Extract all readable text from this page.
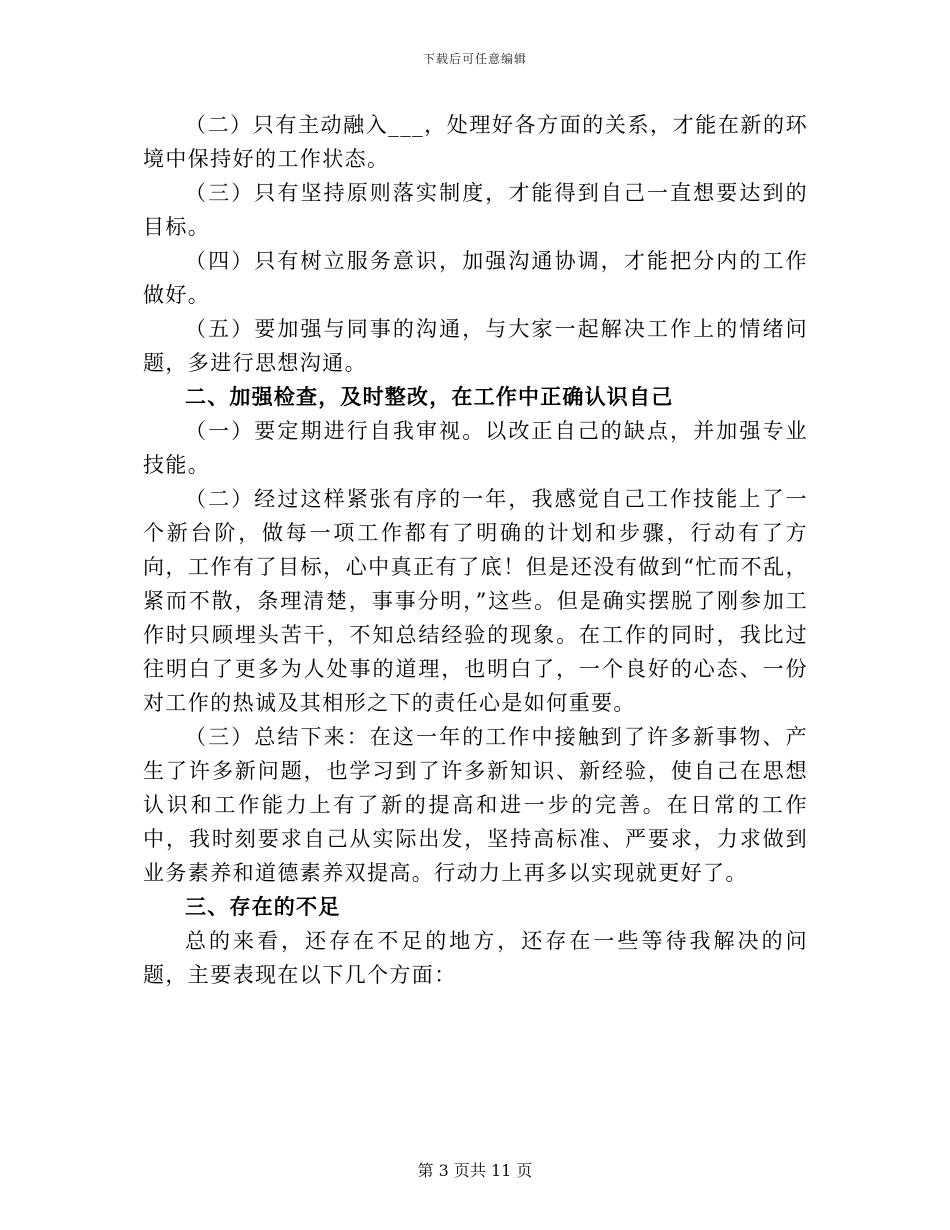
下载后可任意编辑

（二）只有主动融入___，处理好各方面的关系，才能在新的环境中保持好的工作状态。

（三）只有坚持原则落实制度，才能得到自己一直想要达到的目标。

（四）只有树立服务意识，加强沟通协调，才能把分内的工作做好。

（五）要加强与同事的沟通，与大家一起解决工作上的情绪问题，多进行思想沟通。

二、加强检查，及时整改，在工作中正确认识自己

（一）要定期进行自我审视。以改正自己的缺点，并加强专业技能。

（二）经过这样紧张有序的一年，我感觉自己工作技能上了一个新台阶，做每一项工作都有了明确的计划和步骤，行动有了方向，工作有了目标，心中真正有了底！但是还没有做到“忙而不乱，紧而不散，条理清楚，事事分明，”这些。但是确实摆脱了刚参加工作时只顾埋头苦干，不知总结经验的现象。在工作的同时，我比过往明白了更多为人处事的道理，也明白了，一个良好的心态、一份对工作的热诚及其相形之下的责任心是如何重要。

（三）总结下来：在这一年的工作中接触到了许多新事物、产生了许多新问题，也学习到了许多新知识、新经验，使自己在思想认识和工作能力上有了新的提高和进一步的完善。在日常的工作中，我时刻要求自己从实际出发，坚持高标准、严要求，力求做到业务素养和道德素养双提高。行动力上再多以实现就更好了。

三、存在的不足

总的来看，还存在不足的地方，还存在一些等待我解决的问题，主要表现在以下几个方面：

第 3 页共 11 页
